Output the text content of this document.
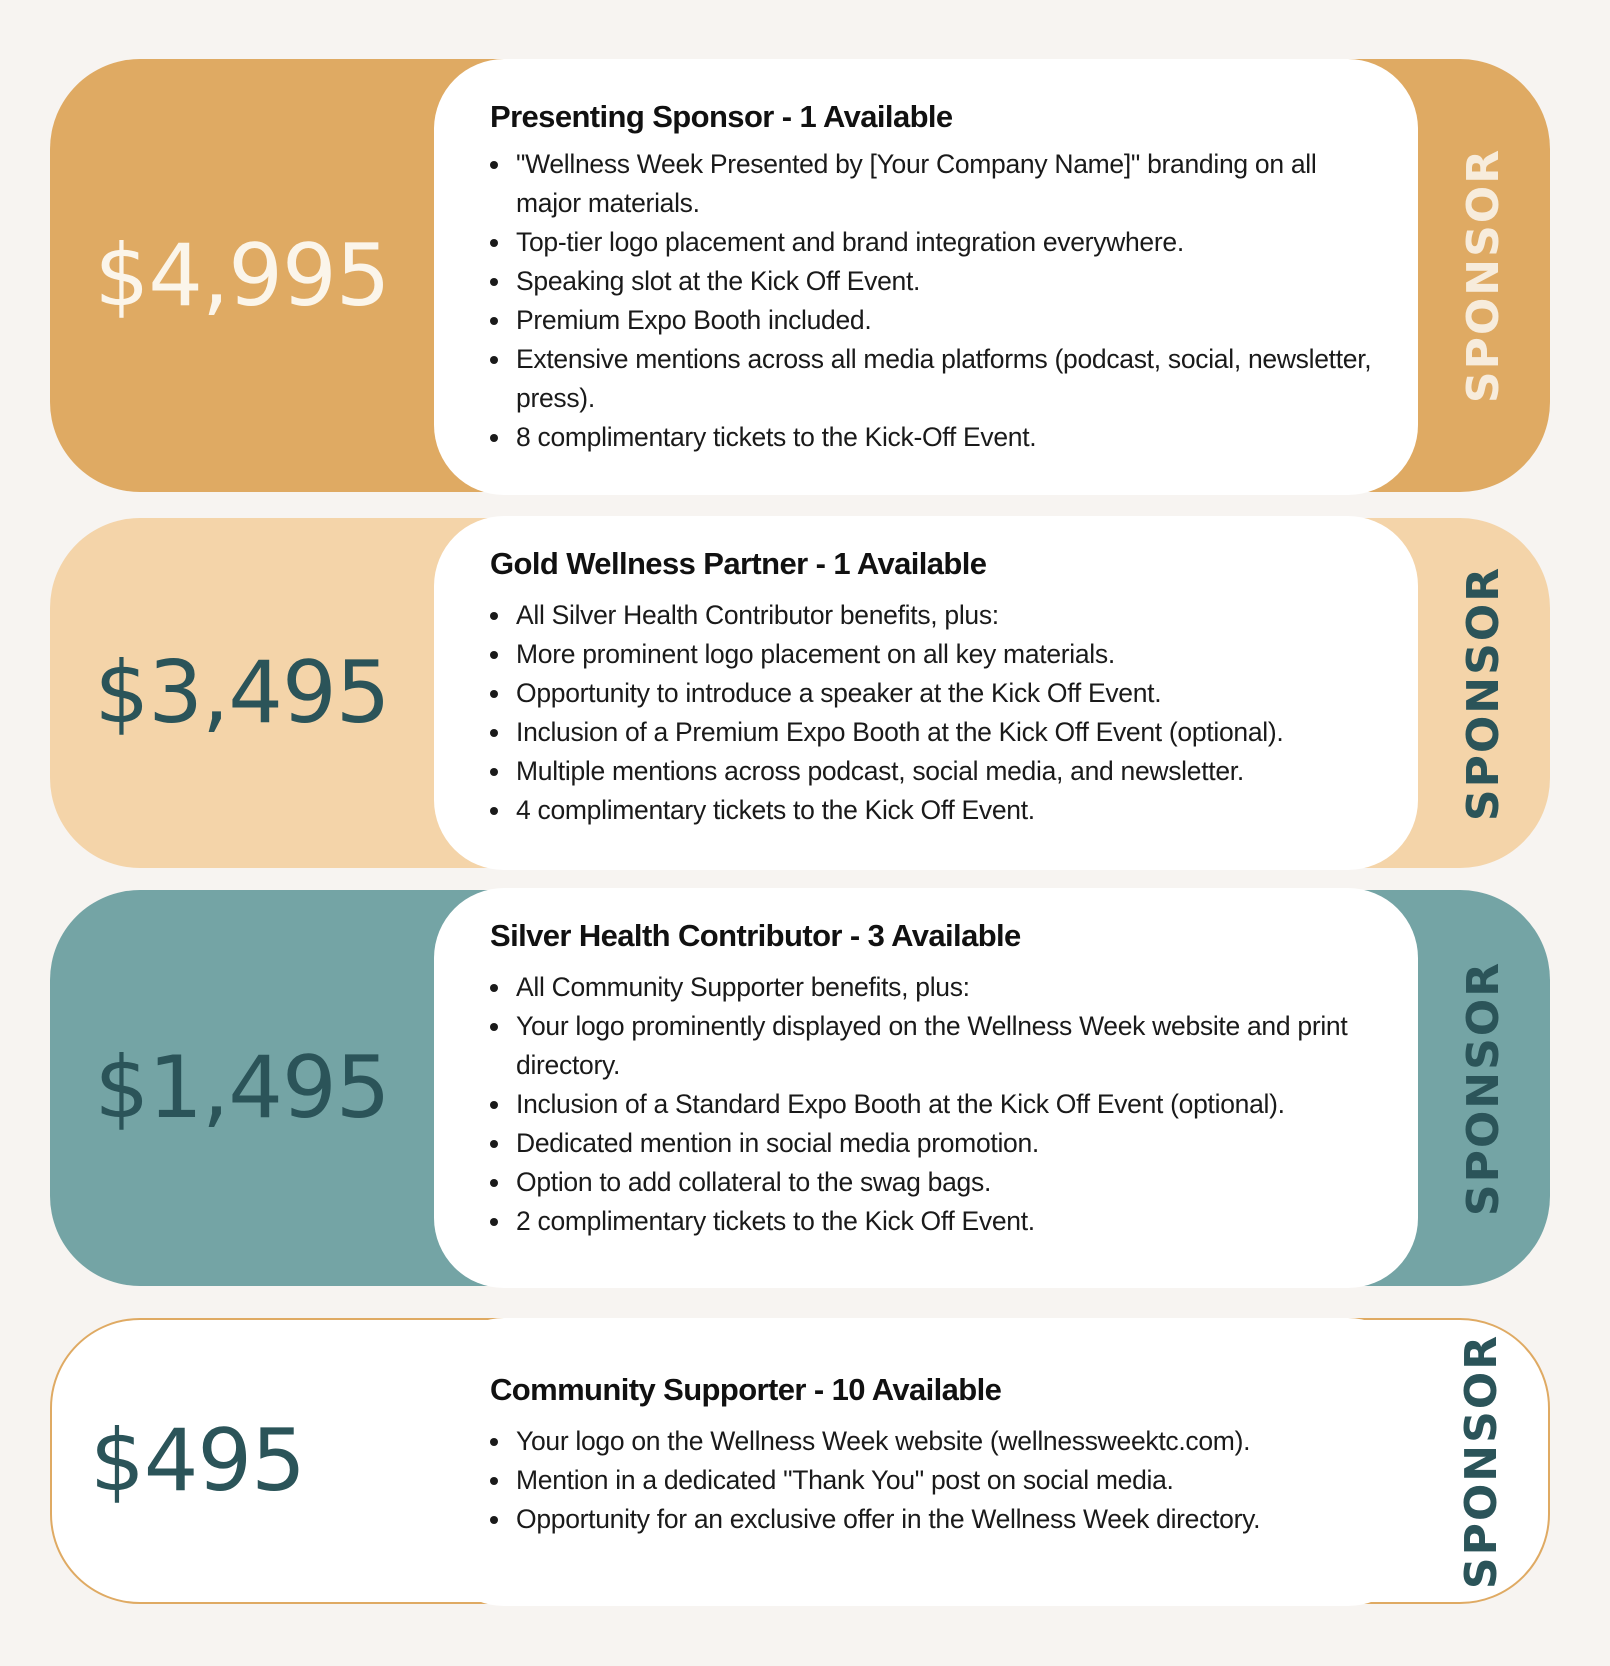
$4,995
Presenting Sponsor - 1 Available
"Wellness Week Presented by [Your Company Name]" branding on all major materials.
Top-tier logo placement and brand integration everywhere.
Speaking slot at the Kick Off Event.
Premium Expo Booth included.
Extensive mentions across all media platforms (podcast, social, newsletter, press).
8 complimentary tickets to the Kick-Off Event.
SPONSOR
$3,495
Gold Wellness Partner - 1 Available
All Silver Health Contributor benefits, plus:
More prominent logo placement on all key materials.
Opportunity to introduce a speaker at the Kick Off Event.
Inclusion of a Premium Expo Booth at the Kick Off Event (optional).
Multiple mentions across podcast, social media, and newsletter.
4 complimentary tickets to the Kick Off Event.	SPONSOR
$1,495
Silver Health Contributor - 3 Available
All Community Supporter benefits, plus:
Your logo prominently displayed on the Wellness Week website and print directory.
Inclusion of a Standard Expo Booth at the Kick Off Event (optional).
Dedicated mention in social media promotion.
Option to add collateral to the swag bags.
2 complimentary tickets to the Kick Off Event.
SPONSOR
$495
Community Supporter - 10 Available
Your logo on the Wellness Week website (wellnessweektc.com).
Mention in a dedicated "Thank You" post on social media.
Opportunity for an exclusive offer in the Wellness Week directory.	SPONSOR
